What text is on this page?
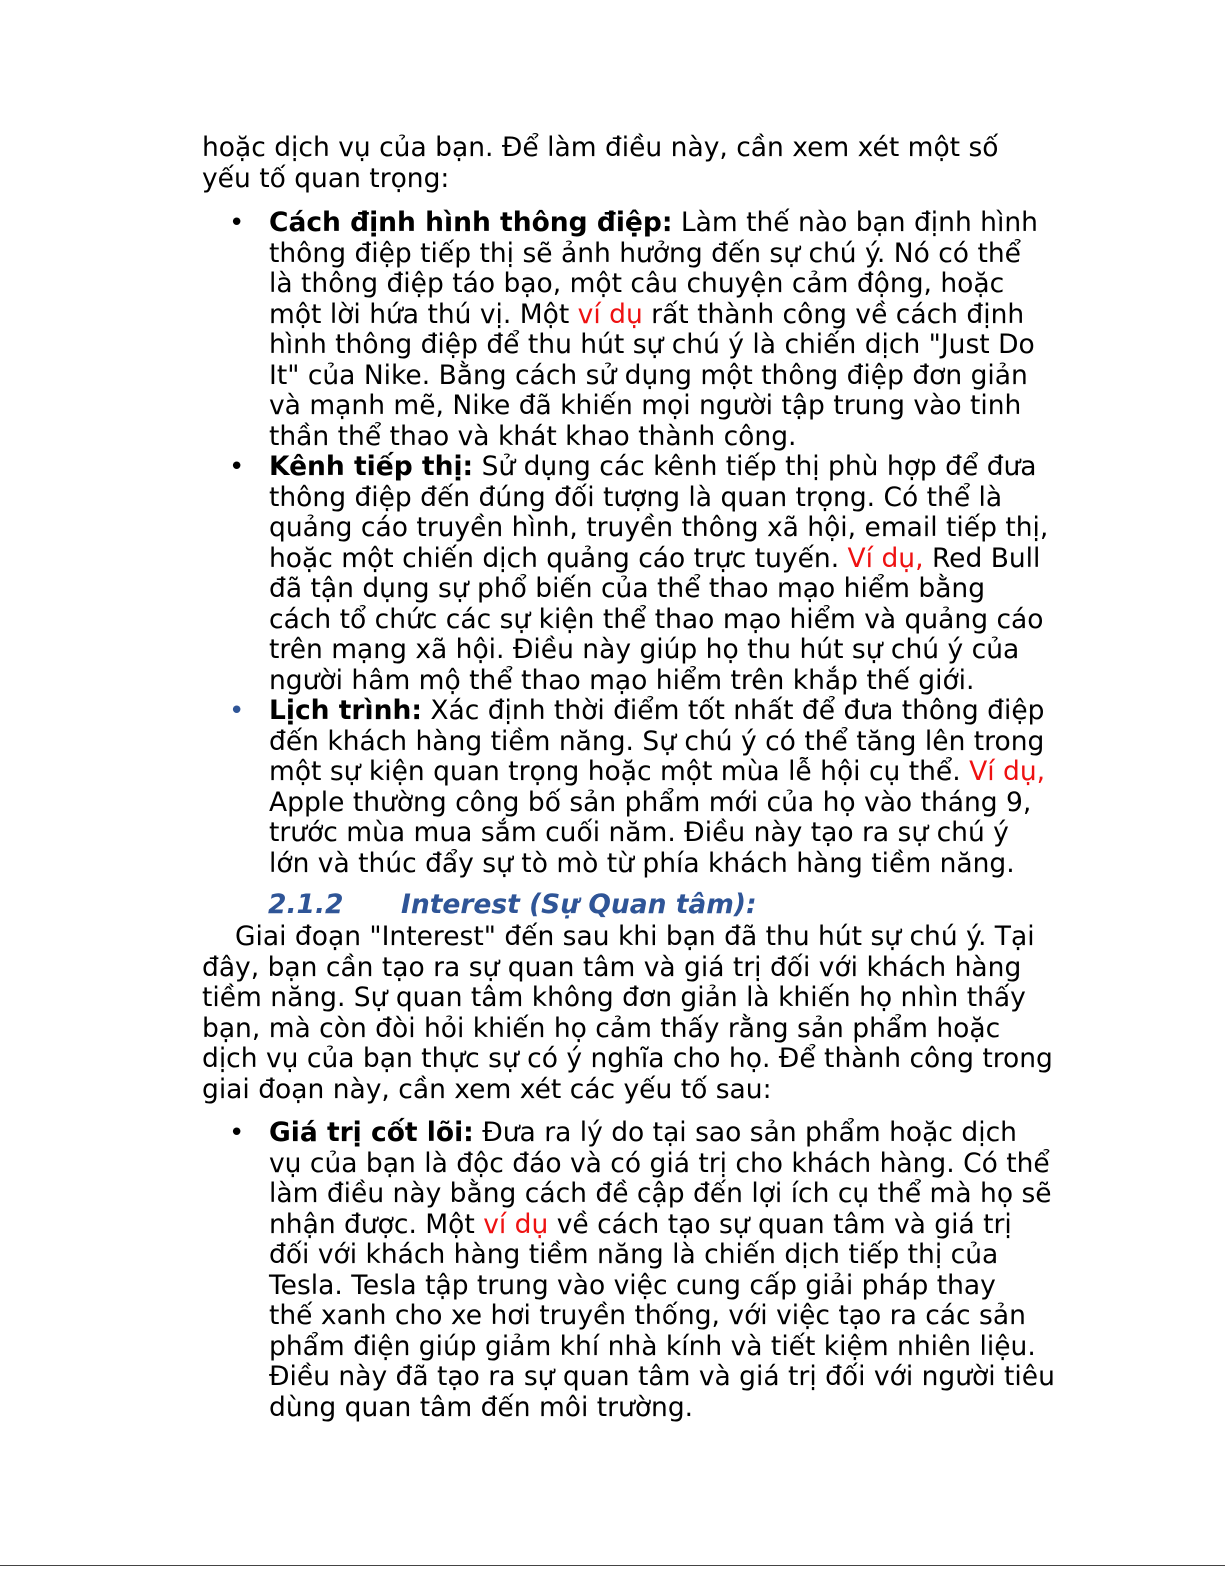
hoặc dịch vụ của bạn. Để làm điều này, cần xem xét một số
yếu tố quan trọng:

• Cách định hình thông điệp: Làm thế nào bạn định hình
thông điệp tiếp thị sẽ ảnh hưởng đến sự chú ý. Nó có thể
là thông điệp táo bạo, một câu chuyện cảm động, hoặc
một lời hứa thú vị. Một ví dụ rất thành công về cách định
hình thông điệp để thu hút sự chú ý là chiến dịch "Just Do
It" của Nike. Bằng cách sử dụng một thông điệp đơn giản
và mạnh mẽ, Nike đã khiến mọi người tập trung vào tinh
thần thể thao và khát khao thành công.
• Kênh tiếp thị: Sử dụng các kênh tiếp thị phù hợp để đưa
thông điệp đến đúng đối tượng là quan trọng. Có thể là
quảng cáo truyền hình, truyền thông xã hội, email tiếp thị,
hoặc một chiến dịch quảng cáo trực tuyến. Ví dụ, Red Bull
đã tận dụng sự phổ biến của thể thao mạo hiểm bằng
cách tổ chức các sự kiện thể thao mạo hiểm và quảng cáo
trên mạng xã hội. Điều này giúp họ thu hút sự chú ý của
người hâm mộ thể thao mạo hiểm trên khắp thế giới.
• Lịch trình: Xác định thời điểm tốt nhất để đưa thông điệp
đến khách hàng tiềm năng. Sự chú ý có thể tăng lên trong
một sự kiện quan trọng hoặc một mùa lễ hội cụ thể. Ví dụ,
Apple thường công bố sản phẩm mới của họ vào tháng 9,
trước mùa mua sắm cuối năm. Điều này tạo ra sự chú ý
lớn và thúc đẩy sự tò mò từ phía khách hàng tiềm năng.
2.1.2 Interest (Sự Quan tâm):

Giai đoạn "Interest" đến sau khi bạn đã thu hút sự chú ý. Tại
đây, bạn cần tạo ra sự quan tâm và giá trị đối với khách hàng
tiềm năng. Sự quan tâm không đơn giản là khiến họ nhìn thấy
bạn, mà còn đòi hỏi khiến họ cảm thấy rằng sản phẩm hoặc
dịch vụ của bạn thực sự có ý nghĩa cho họ. Để thành công trong
giai đoạn này, cần xem xét các yếu tố sau:

• Giá trị cốt lõi: Đưa ra lý do tại sao sản phẩm hoặc dịch
vụ của bạn là độc đáo và có giá trị cho khách hàng. Có thể
làm điều này bằng cách đề cập đến lợi ích cụ thể mà họ sẽ
nhận được. Một ví dụ về cách tạo sự quan tâm và giá trị
đối với khách hàng tiềm năng là chiến dịch tiếp thị của
Tesla. Tesla tập trung vào việc cung cấp giải pháp thay
thế xanh cho xe hơi truyền thống, với việc tạo ra các sản
phẩm điện giúp giảm khí nhà kính và tiết kiệm nhiên liệu.
Điều này đã tạo ra sự quan tâm và giá trị đối với người tiêu
dùng quan tâm đến môi trường.
